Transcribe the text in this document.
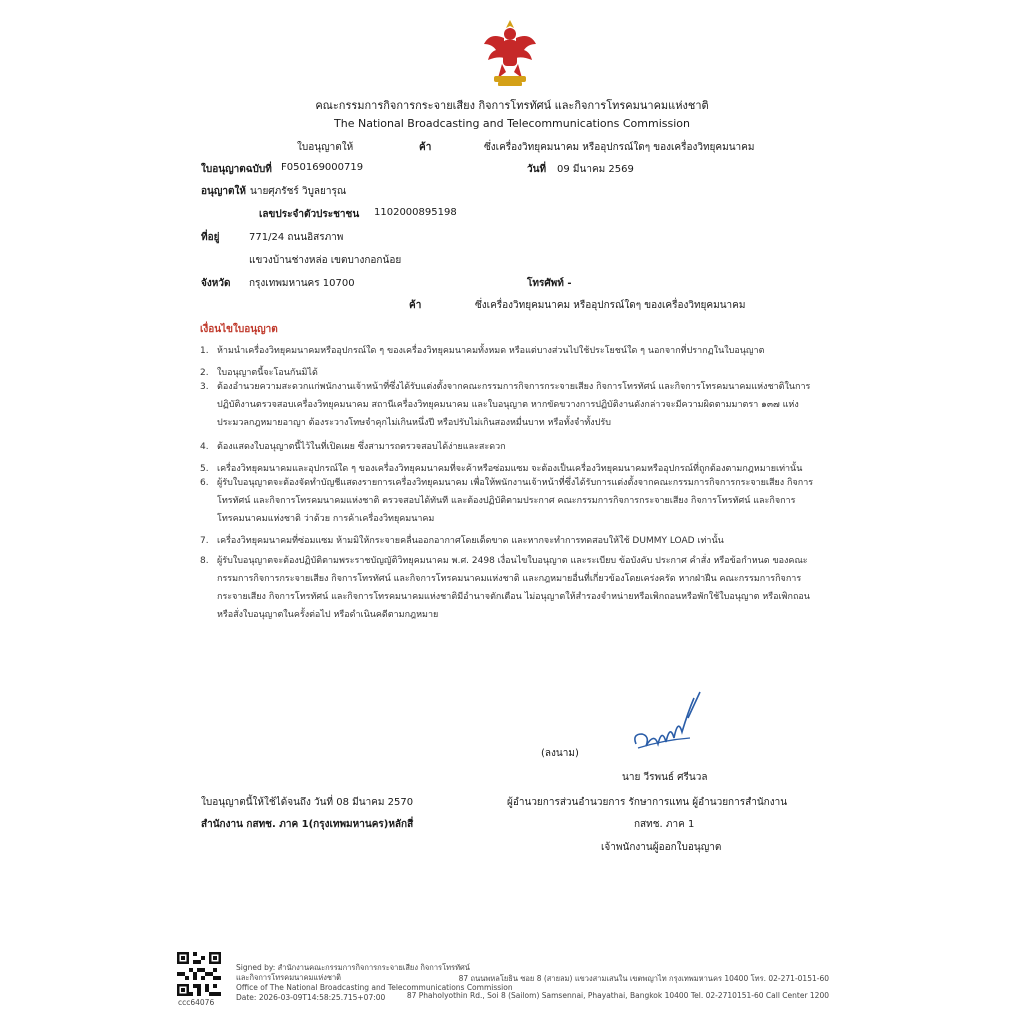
คณะกรรมการกิจการกระจายเสียง กิจการโทรทัศน์ และกิจการโทรคมนาคมแห่งชาติ
The National Broadcasting and Telecommunications Commission
ใบอนุญาตให้	ค้า	ซึ่งเครื่องวิทยุคมนาคม หรืออุปกรณ์ใดๆ ของเครื่องวิทยุคมนาคม
ใบอนุญาตฉบับที่ F050169000719	วันที่ 09 มีนาคม 2569
อนุญาตให้ นายศุภรัชร์ วิบูลยารุณ
เลขประจำตัวประชาชน 1102000895198
ที่อยู่	771/24 ถนนอิสรภาพ
แขวงบ้านช่างหล่อ เขตบางกอกน้อย
จังหวัด กรุงเทพมหานคร 10700	โทรศัพท์ -
ค้า	ซึ่งเครื่องวิทยุคมนาคม หรืออุปกรณ์ใดๆ ของเครื่องวิทยุคมนาคม
เงื่อนไขใบอนุญาต
1. ห้ามนำเครื่องวิทยุคมนาคมหรืออุปกรณ์ใด ๆ ของเครื่องวิทยุคมนาคมทั้งหมด หรือแต่บางส่วนไปใช้ประโยชน์ใด ๆ นอกจากที่ปรากฏในใบอนุญาต
2. ใบอนุญาตนี้จะโอนกันมิได้
3. ต้องอำนวยความสะดวกแก่พนักงานเจ้าหน้าที่ซึ่งได้รับแต่งตั้งจากคณะกรรมการกิจการกระจายเสียง กิจการโทรทัศน์ และกิจการโทรคมนาคมแห่งชาติในการปฏิบัติงานตรวจสอบเครื่องวิทยุคมนาคม สถานีเครื่องวิทยุคมนาคม และใบอนุญาต หากขัดขวางการปฏิบัติงานดังกล่าวจะมีความผิดตามมาตรา ๑๓๗ แห่งประมวลกฎหมายอาญา ต้องระวางโทษจำคุกไม่เกินหนึ่งปี หรือปรับไม่เกินสองหมื่นบาท หรือทั้งจำทั้งปรับ
4. ต้องแสดงใบอนุญาตนี้ไว้ในที่เปิดเผย ซึ่งสามารถตรวจสอบได้ง่ายและสะดวก
5. เครื่องวิทยุคมนาคมและอุปกรณ์ใด ๆ ของเครื่องวิทยุคมนาคมที่จะค้าหรือซ่อมแซม จะต้องเป็นเครื่องวิทยุคมนาคมหรืออุปกรณ์ที่ถูกต้องตามกฎหมายเท่านั้น
6. ผู้รับใบอนุญาตจะต้องจัดทำบัญชีแสดงรายการเครื่องวิทยุคมนาคม เพื่อให้พนักงานเจ้าหน้าที่ซึ่งได้รับการแต่งตั้งจากคณะกรรมการกิจการกระจายเสียง กิจการโทรทัศน์ และกิจการโทรคมนาคมแห่งชาติ ตรวจสอบได้ทันที และต้องปฏิบัติตามประกาศ คณะกรรมการกิจการกระจายเสียง กิจการโทรทัศน์ และกิจการโทรคมนาคมแห่งชาติ ว่าด้วย การค้าเครื่องวิทยุคมนาคม
7. เครื่องวิทยุคมนาคมที่ซ่อมแซม ห้ามมิให้กระจายคลื่นออกอากาศโดยเด็ดขาด และหากจะทำการทดสอบให้ใช้ DUMMY LOAD เท่านั้น
8. ผู้รับใบอนุญาตจะต้องปฏิบัติตามพระราชบัญญัติวิทยุคมนาคม พ.ศ. 2498 เงื่อนไขใบอนุญาต และระเบียบ ข้อบังคับ ประกาศ คำสั่ง หรือข้อกำหนด ของคณะกรรมการกิจการกระจายเสียง กิจการโทรทัศน์ และกิจการโทรคมนาคมแห่งชาติ และกฎหมายอื่นที่เกี่ยวข้องโดยเคร่งครัด หากฝ่าฝืน คณะกรรมการกิจการกระจายเสียง กิจการโทรทัศน์ และกิจการโทรคมนาคมแห่งชาติมีอำนาจตักเตือน ไม่อนุญาตให้สำรองจำหน่ายหรือเพิกถอนหรือพักใช้ใบอนุญาต หรือเพิกถอนหรือสั่งใบอนุญาตในครั้งต่อไป หรือดำเนินคดีตามกฎหมาย
(ลงนาม)
นาย วีรพนธ์ ศรีนวล
ผู้อำนวยการส่วนอำนวยการ รักษาการแทน ผู้อำนวยการสำนักงาน
กสทช. ภาค 1
เจ้าพนักงานผู้ออกใบอนุญาต
ใบอนุญาตนี้ให้ใช้ได้จนถึง วันที่ 08 มีนาคม 2570
สำนักงาน กสทช. ภาค 1(กรุงเทพมหานคร)หลักสี่
ccc64076
Signed by: สำนักงานคณะกรรมการกิจการกระจายเสียง กิจการโทรทัศน์
และกิจการโทรคมนาคมแห่งชาติ
Office of The National Broadcasting and Telecommunications Commission
Date: 2026-03-09T14:58:25.715+07:00
87 ถนนพหลโยธิน ซอย 8 (สายลม) แขวงสามเสนใน เขตพญาไท กรุงเทพมหานคร 10400 โทร. 02-271-0151-60
87 Phaholyothin Rd., Soi 8 (Sailom) Samsennai, Phayathai, Bangkok 10400 Tel. 02-2710151-60 Call Center 1200
